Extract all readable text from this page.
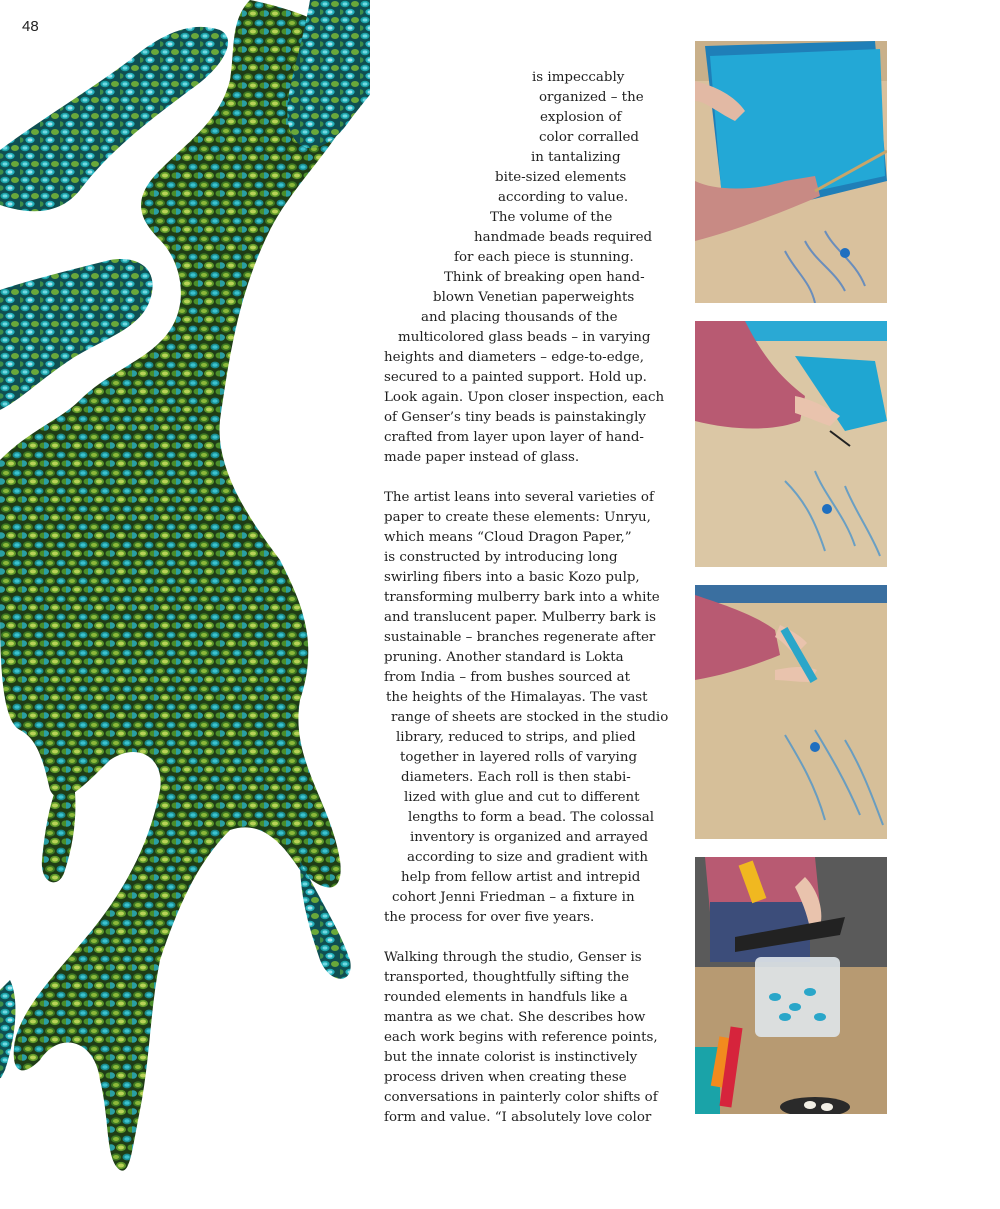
48
is impeccably
organized – the
explosion of
color corralled
in tantalizing
bite-sized elements
according to value.
The volume of the
handmade beads required
for each piece is stunning.
Think of breaking open hand-
blown Venetian paperweights
and placing thousands of the
multicolored glass beads – in varying
heights and diameters – edge-to-edge,
secured to a painted support. Hold up.
Look again. Upon closer inspection, each
of Genser’s tiny beads is painstakingly
crafted from layer upon layer of hand-
made paper instead of glass.
The artist leans into several varieties of
paper to create these elements: Unryu,
which means “Cloud Dragon Paper,”
is constructed by introducing long
swirling fibers into a basic Kozo pulp,
transforming mulberry bark into a white
and translucent paper. Mulberry bark is
sustainable – branches regenerate after
pruning. Another standard is Lokta
from India – from bushes sourced at
the heights of the Himalayas. The vast
range of sheets are stocked in the studio
library, reduced to strips, and plied
together in layered rolls of varying
diameters. Each roll is then stabi-
lized with glue and cut to different
lengths to form a bead. The colossal
inventory is organized and arrayed
according to size and gradient with
help from fellow artist and intrepid
cohort Jenni Friedman – a fixture in
the process for over five years.
Walking through the studio, Genser is
transported, thoughtfully sifting the
rounded elements in handfuls like a
mantra as we chat. She describes how
each work begins with reference points,
but the innate colorist is instinctively
process driven when creating these
conversations in painterly color shifts of
form and value. “I absolutely love color
